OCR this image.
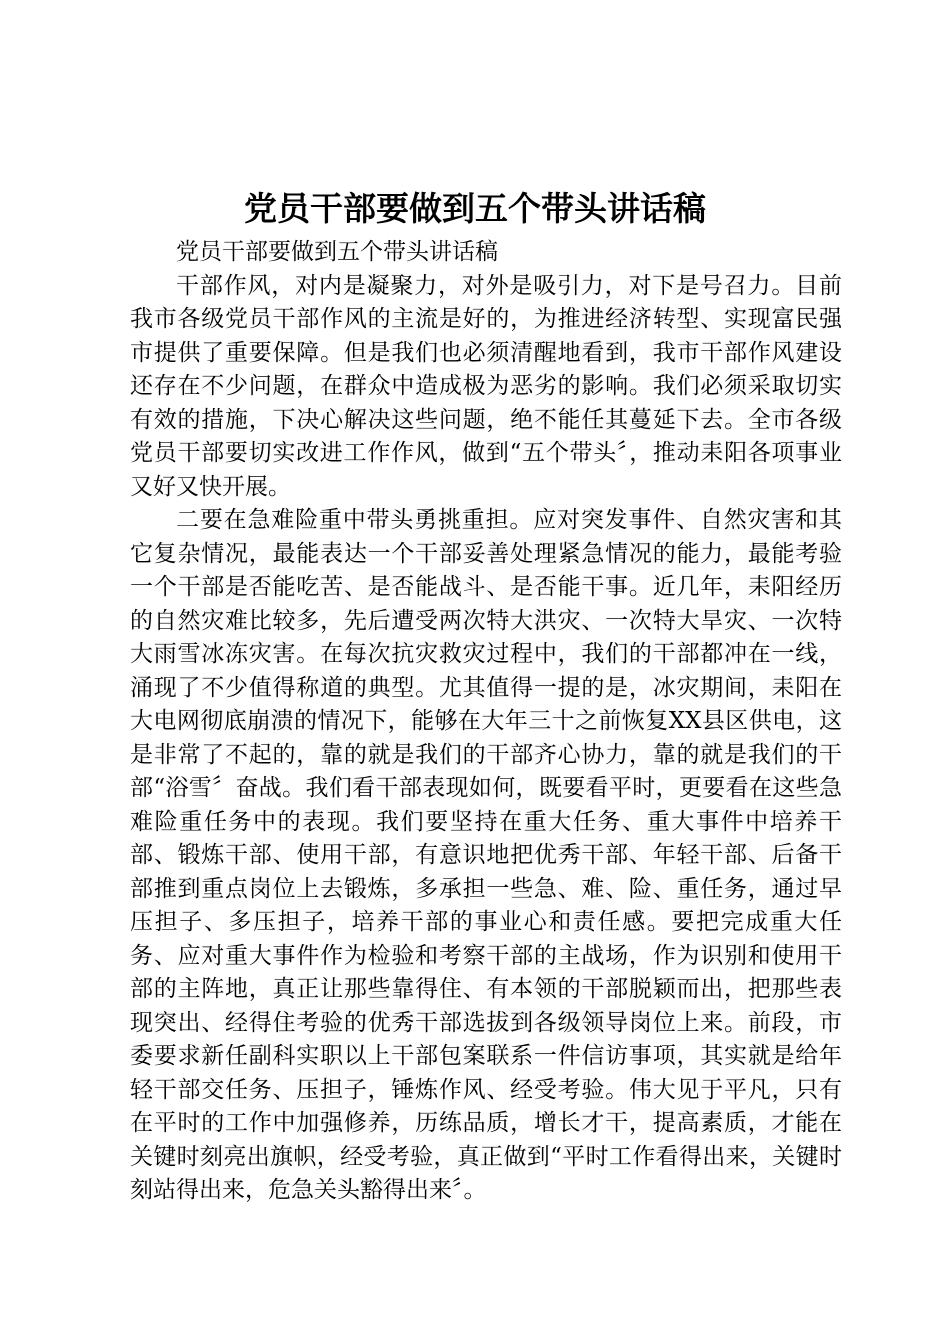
党员干部要做到五个带头讲话稿

党员干部要做到五个带头讲话稿

干部作风，对内是凝聚力，对外是吸引力，对下是号召力。目前我市各级党员干部作风的主流是好的，为推进经济转型、实现富民强市提供了重要保障。但是我们也必须清醒地看到，我市干部作风建设还存在不少问题，在群众中造成极为恶劣的影响。我们必须采取切实有效的措施，下决心解决这些问题，绝不能任其蔓延下去。全市各级党员干部要切实改进工作作风，做到“五个带头〞，推动耒阳各项事业又好又快开展。

二要在急难险重中带头勇挑重担。应对突发事件、自然灾害和其它复杂情况，最能表达一个干部妥善处理紧急情况的能力，最能考验一个干部是否能吃苦、是否能战斗、是否能干事。近几年，耒阳经历的自然灾难比较多，先后遭受两次特大洪灾、一次特大旱灾、一次特大雨雪冰冻灾害。在每次抗灾救灾过程中，我们的干部都冲在一线，涌现了不少值得称道的典型。尤其值得一提的是，冰灾期间，耒阳在大电网彻底崩溃的情况下，能够在大年三十之前恢复XX县区供电，这是非常了不起的，靠的就是我们的干部齐心协力，靠的就是我们的干部“浴雪〞奋战。我们看干部表现如何，既要看平时，更要看在这些急难险重任务中的表现。我们要坚持在重大任务、重大事件中培养干部、锻炼干部、使用干部，有意识地把优秀干部、年轻干部、后备干部推到重点岗位上去锻炼，多承担一些急、难、险、重任务，通过早压担子、多压担子，培养干部的事业心和责任感。要把完成重大任务、应对重大事件作为检验和考察干部的主战场，作为识别和使用干部的主阵地，真正让那些靠得住、有本领的干部脱颖而出，把那些表现突出、经得住考验的优秀干部选拔到各级领导岗位上来。前段，市委要求新任副科实职以上干部包案联系一件信访事项，其实就是给年轻干部交任务、压担子，锤炼作风、经受考验。伟大见于平凡，只有在平时的工作中加强修养，历练品质，增长才干，提高素质，才能在关键时刻亮出旗帜，经受考验，真正做到“平时工作看得出来，关键时刻站得出来，危急关头豁得出来〞。
